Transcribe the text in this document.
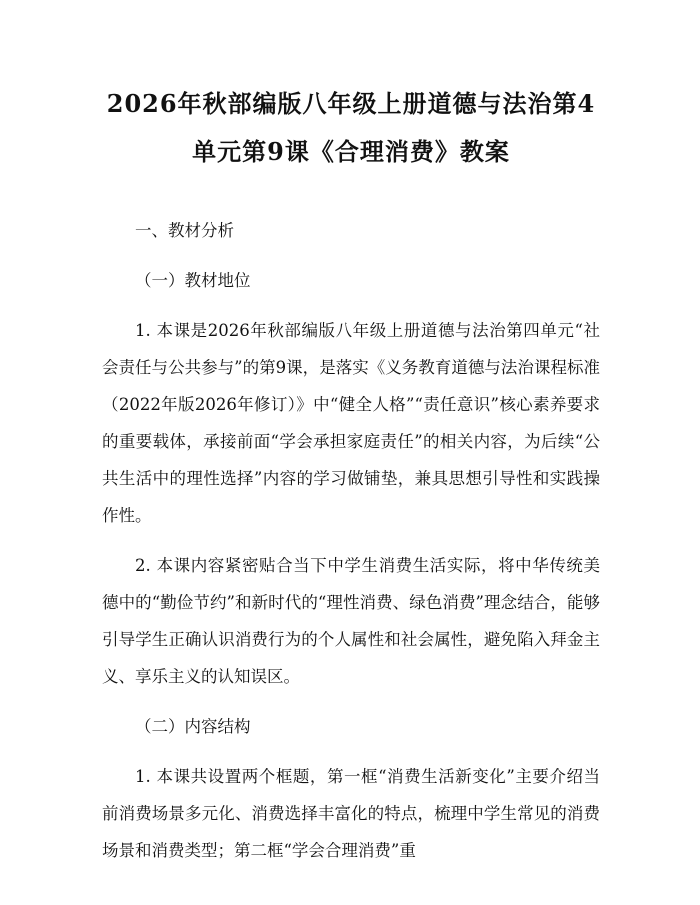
2026年秋部编版八年级上册道德与法治第4
单元第9课《合理消费》教案

一、教材分析

（一）教材地位

1. 本课是2026年秋部编版八年级上册道德与法治第四单元“社会责任与公共参与”的第9课，是落实《义务教育道德与法治课程标准（2022年版2026年修订）》中“健全人格”“责任意识”核心素养要求的重要载体，承接前面“学会承担家庭责任”的相关内容，为后续“公共生活中的理性选择”内容的学习做铺垫，兼具思想引导性和实践操作性。

2. 本课内容紧密贴合当下中学生消费生活实际，将中华传统美德中的“勤俭节约”和新时代的“理性消费、绿色消费”理念结合，能够引导学生正确认识消费行为的个人属性和社会属性，避免陷入拜金主义、享乐主义的认知误区。

（二）内容结构

1. 本课共设置两个框题，第一框“消费生活新变化”主要介绍当前消费场景多元化、消费选择丰富化的特点，梳理中学生常见的消费场景和消费类型；第二框“学会合理消费”重
